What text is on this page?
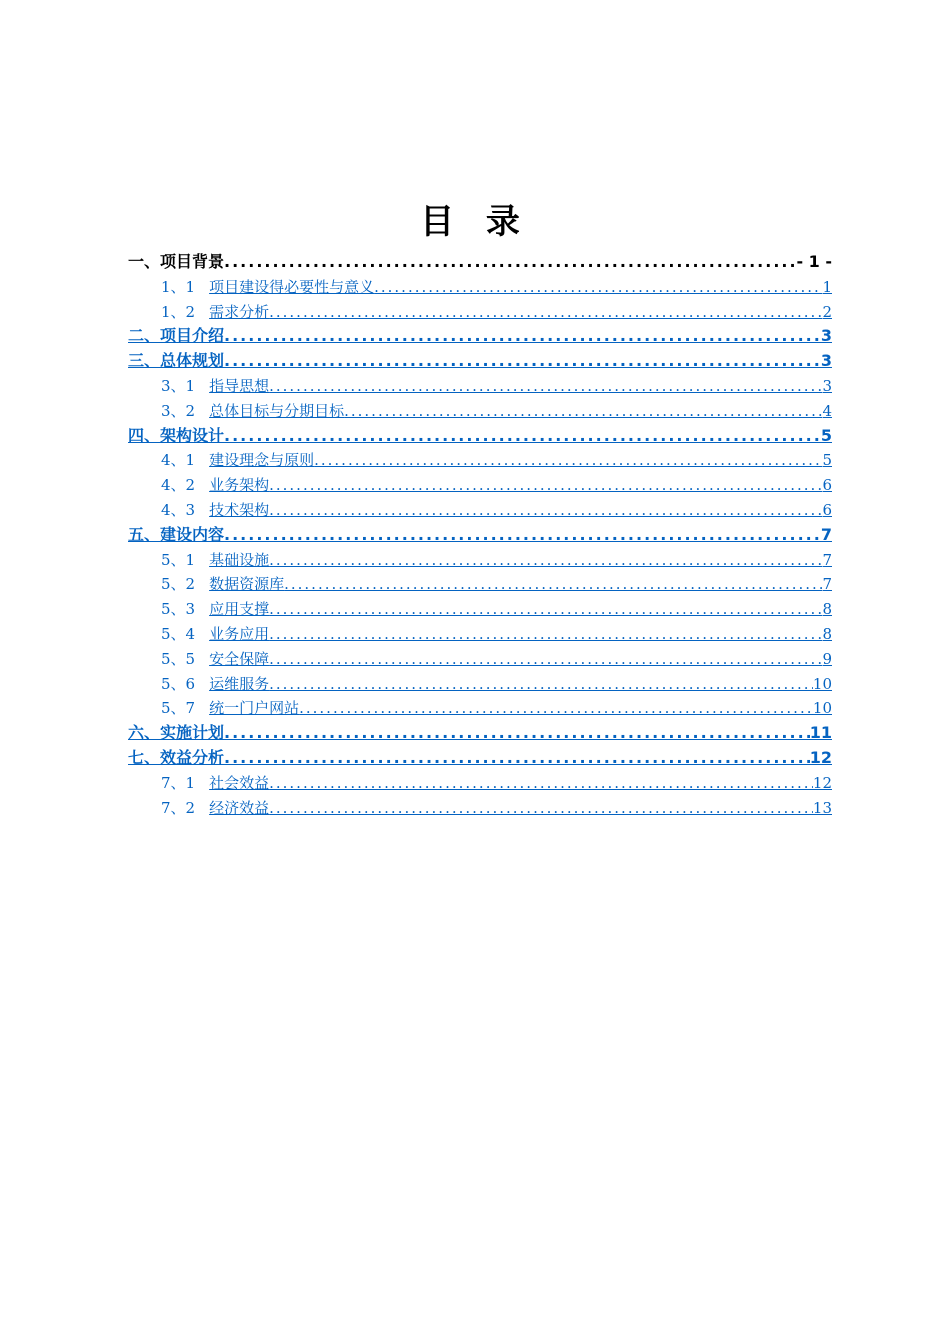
目 录
一、项目背景 .....	- 1 -
1、1 项目建设得必要性与意义 .....	1
1、2 需求分析 .....	2
二、项目介绍 .....	3
三、总体规划 .....	3
3、1 指导思想 .....	3
3、2 总体目标与分期目标 .....	4
四、架构设计 .....	5
4、1 建设理念与原则 .....	5
4、2 业务架构 .....	6
4、3 技术架构 .....	6
五、建设内容 .....	7
5、1 基础设施 .....	7
5、2 数据资源库 .....	7
5、3 应用支撑 .....	8
5、4 业务应用 .....	8
5、5 安全保障 .....	9
5、6 运维服务 .....	10
5、7 统一门户网站 .....	10
六、实施计划 .....	11
七、效益分析 .....	12
7、1 社会效益 .....	12
7、2 经济效益 .....	13
